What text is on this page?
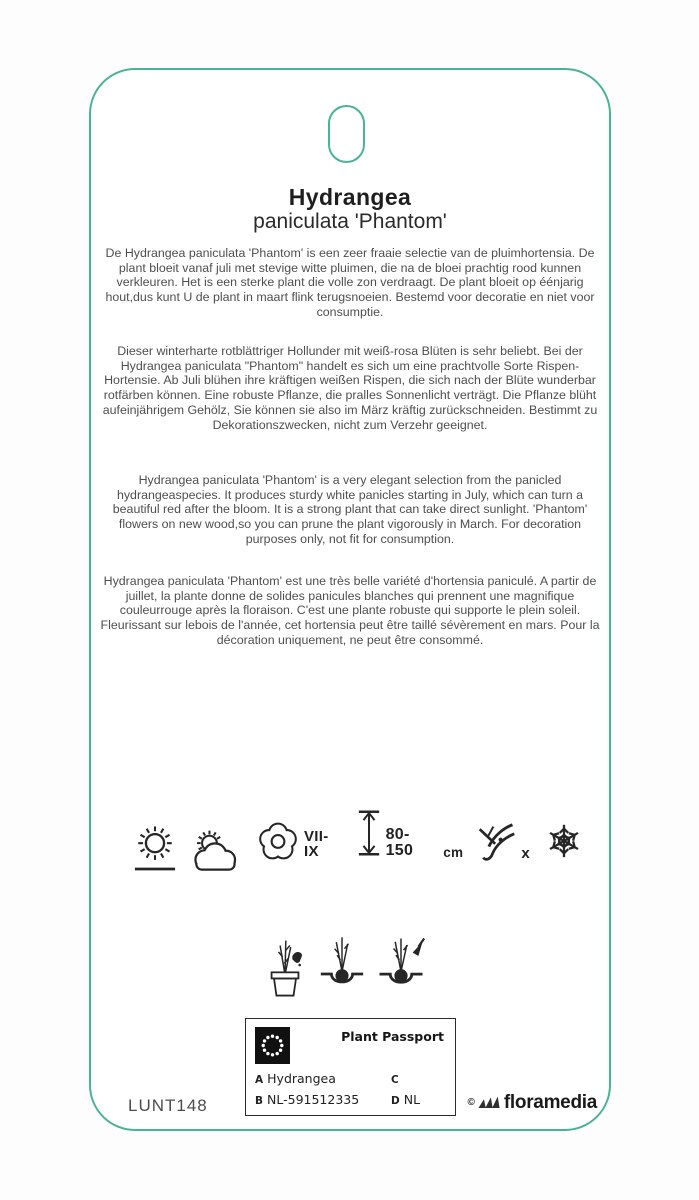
Hydrangea
paniculata 'Phantom'

De Hydrangea paniculata 'Phantom' is een zeer fraaie selectie van de pluimhortensia. De plant bloeit vanaf juli met stevige witte pluimen, die na de bloei prachtig rood kunnen verkleuren. Het is een sterke plant die volle zon verdraagt. De plant bloeit op éénjarig hout,dus kunt U de plant in maart flink terugsnoeien. Bestemd voor decoratie en niet voor consumptie.

Dieser winterharte rotblättriger Hollunder mit weiß-rosa Blüten is sehr beliebt. Bei der Hydrangea paniculata "Phantom" handelt es sich um eine prachtvolle Sorte Rispen-Hortensie. Ab Juli blühen ihre kräftigen weißen Rispen, die sich nach der Blüte wunderbar rotfärben können. Eine robuste Pflanze, die pralles Sonnenlicht verträgt. Die Pflanze blüht aufeinjährigem Gehölz, Sie können sie also im März kräftig zurückschneiden. Bestimmt zu Dekorationszwecken, nicht zum Verzehr geeignet.

Hydrangea paniculata 'Phantom' is a very elegant selection from the panicled hydrangeaspecies. It produces sturdy white panicles starting in July, which can turn a beautiful red after the bloom. It is a strong plant that can take direct sunlight. 'Phantom' flowers on new wood,so you can prune the plant vigorously in March. For decoration purposes only, not fit for consumption.

Hydrangea paniculata 'Phantom' est une très belle variété d'hortensia paniculé. A partir de juillet, la plante donne de solides panicules blanches qui prennent une magnifique couleurrouge après la floraison. C'est une plante robuste qui supporte le plein soleil. Fleurissant sur lebois de l'année, cet hortensia peut être taillé sévèrement en mars. Pour la décoration uniquement, ne peut être consommé.

VII-IX
80-150	cm	x
Plant Passport
A Hydrangea	C
B NL-591512335	D NL
LUNT148	© floramedia
